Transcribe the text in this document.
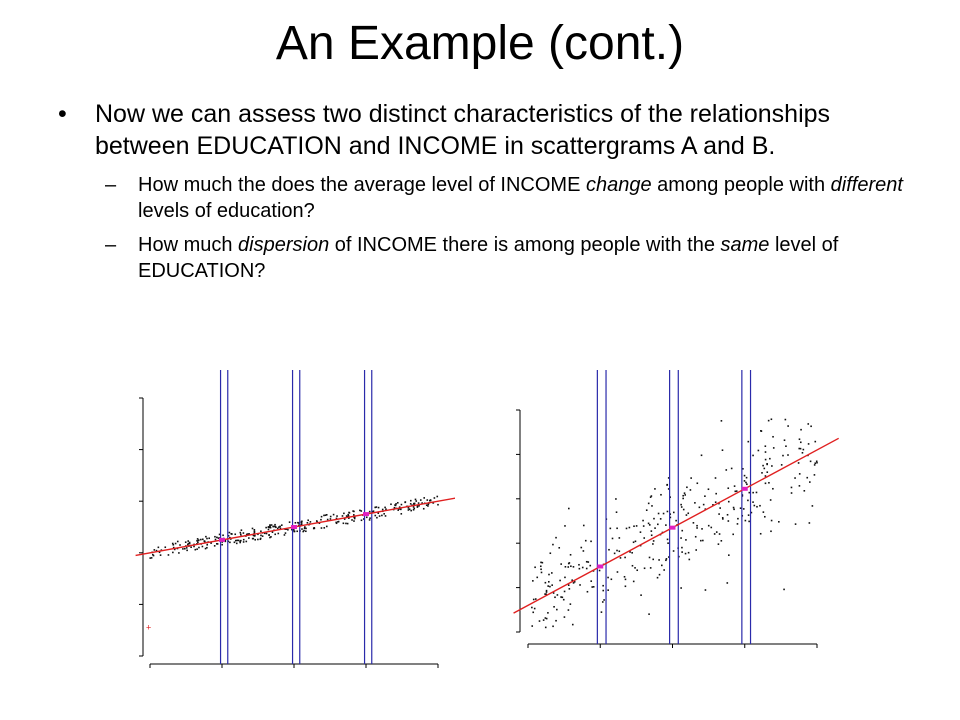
An Example (cont.)
• Now we can assess two distinct characteristics of the relationships between EDUCATION and INCOME in scattergrams A and B.
– How much the does the average level of INCOME change among people with different levels of education?
– How much dispersion of INCOME there is among people with the same level of EDUCATION?
+
